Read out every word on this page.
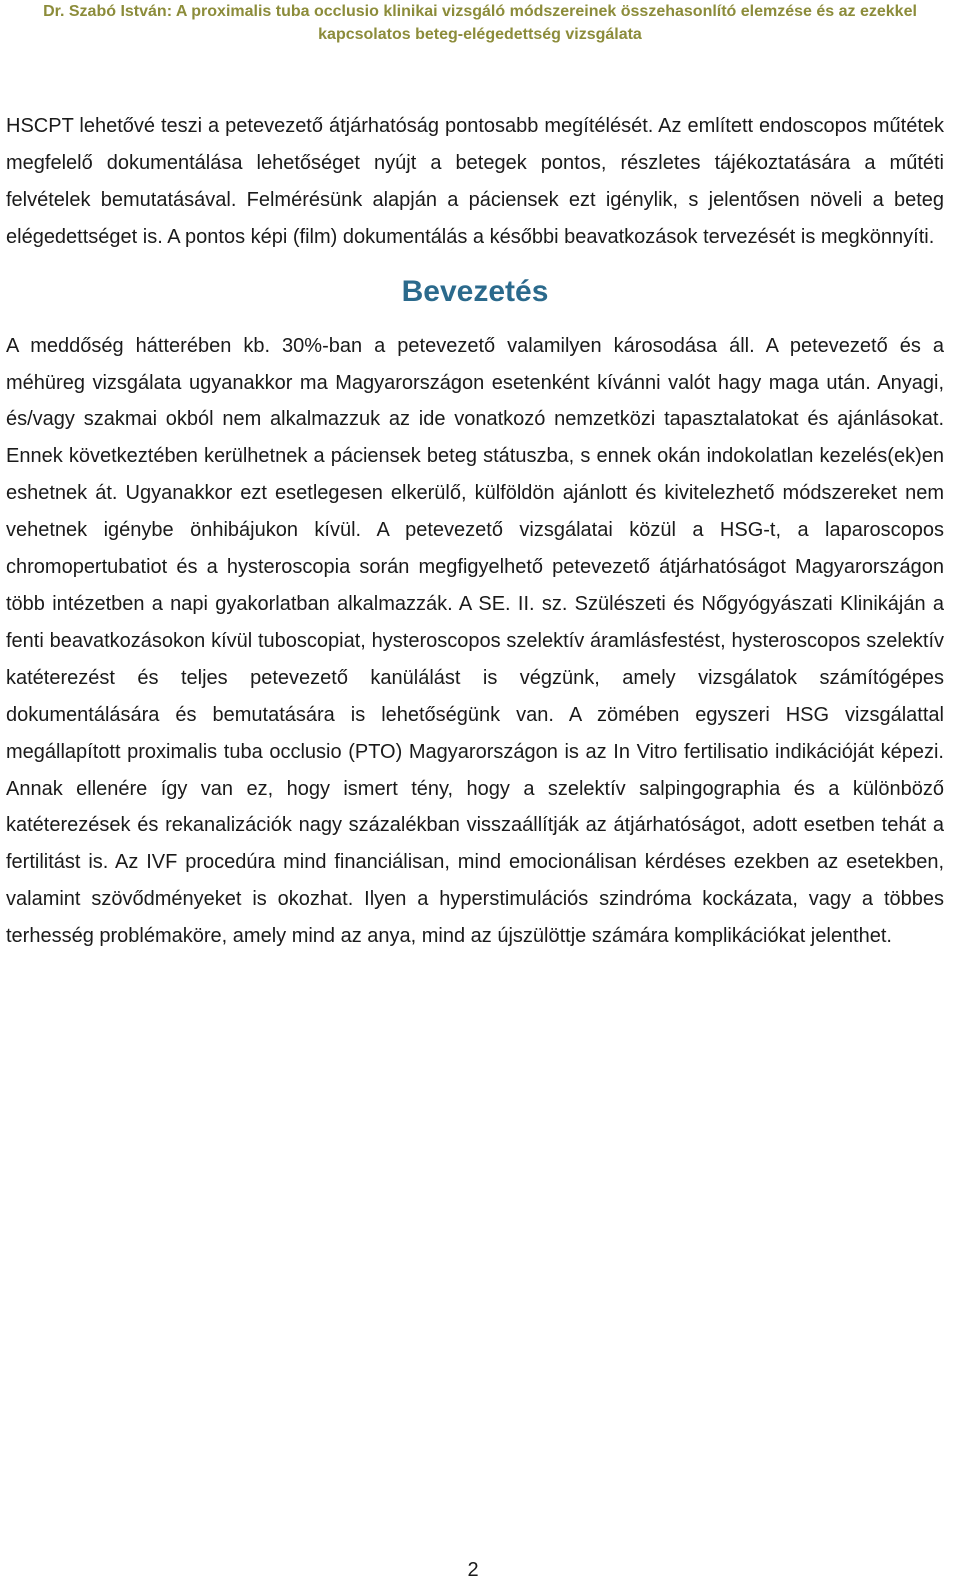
Dr. Szabó István: A proximalis tuba occlusio klinikai vizsgáló módszereinek összehasonlító elemzése és az ezekkel
kapcsolatos beteg-elégedettség vizsgálata

HSCPT lehetővé teszi a petevezető átjárhatóság pontosabb megítélését. Az említett endoscopos műtétek megfelelő dokumentálása lehetőséget nyújt a betegek pontos, részletes tájékoztatására a műtéti felvételek bemutatásával. Felmérésünk alapján a páciensek ezt igénylik, s jelentősen növeli a beteg elégedettséget is. A pontos képi (film) dokumentálás a későbbi beavatkozások tervezését is megkönnyíti.

Bevezetés

A meddőség hátterében kb. 30%-ban a petevezető valamilyen károsodása áll. A petevezető és a méhüreg vizsgálata ugyanakkor ma Magyarországon esetenként kívánni valót hagy maga után. Anyagi, és/vagy szakmai okból nem alkalmazzuk az ide vonatkozó nemzetközi tapasztalatokat és ajánlásokat. Ennek következtében kerülhetnek a páciensek beteg státuszba, s ennek okán indokolatlan kezelés(ek)en eshetnek át. Ugyanakkor ezt esetlegesen elkerülő, külföldön ajánlott és kivitelezhető módszereket nem vehetnek igénybe önhibájukon kívül. A petevezető vizsgálatai közül a HSG-t, a laparoscopos chromopertubatiot és a hysteroscopia során megfigyelhető petevezető átjárhatóságot Magyarországon több intézetben a napi gyakorlatban alkalmazzák. A SE. II. sz. Szülészeti és Nőgyógyászati Klinikáján a fenti beavatkozásokon kívül tuboscopiat, hysteroscopos szelektív áramlásfestést, hysteroscopos szelektív katéterezést és teljes petevezető kanülálást is végzünk, amely vizsgálatok számítógépes dokumentálására és bemutatására is lehetőségünk van. A zömében egyszeri HSG vizsgálattal megállapított proximalis tuba occlusio (PTO) Magyarországon is az In Vitro fertilisatio indikációját képezi. Annak ellenére így van ez, hogy ismert tény, hogy a szelektív salpingographia és a különböző katéterezések és rekanalizációk nagy százalékban visszaállítják az átjárhatóságot, adott esetben tehát a fertilitást is. Az IVF procedúra mind financiálisan, mind emocionálisan kérdéses ezekben az esetekben, valamint szövődményeket is okozhat. Ilyen a hyperstimulációs szindróma kockázata, vagy a többes terhesség problémaköre, amely mind az anya, mind az újszülöttje számára komplikációkat jelenthet.

2
